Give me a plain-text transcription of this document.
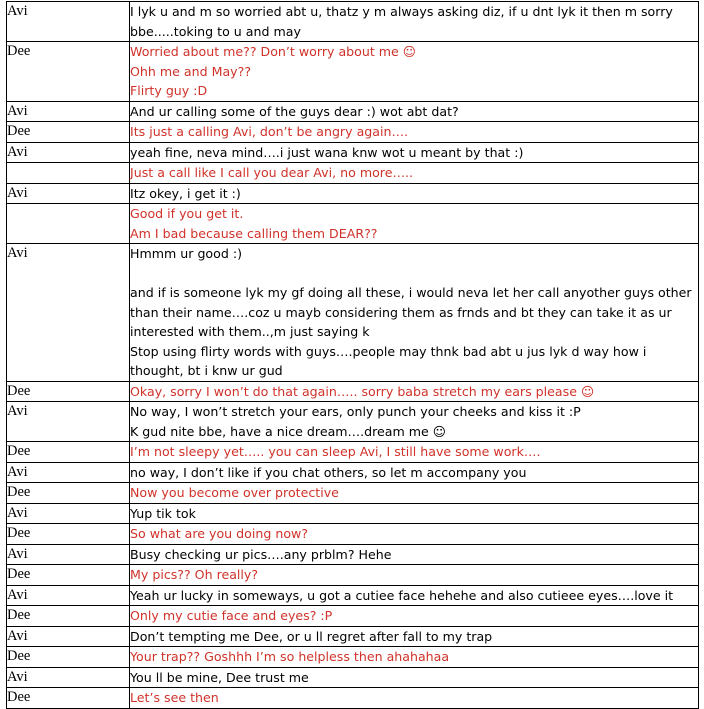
Avi	I lyk u and m so worried abt u, thatz y m always asking diz, if u dnt lyk it then m sorry bbe.....toking to u and may
Dee	Worried about me?? Don’t worry about me ☺
Ohh me and May??
Flirty guy :D
Avi	And ur calling some of the guys dear :) wot abt dat?
Dee	Its just a calling Avi, don’t be angry again….
Avi	yeah fine, neva mind….i just wana knw wot u meant by that :)
	Just a call like I call you dear Avi, no more…..
Avi	Itz okey, i get it :)
	Good if you get it.
Am I bad because calling them DEAR??
Avi	Hmmm ur good :)

and if is someone lyk my gf doing all these, i would neva let her call anyother guys other than their name….coz u mayb considering them as frnds and bt they can take it as ur interested with them..,m just saying k
Stop using flirty words with guys….people may thnk bad abt u jus lyk d way how i thought, bt i knw ur gud
Dee	Okay, sorry I won’t do that again….. sorry baba stretch my ears please ☺
Avi	No way, I won’t stretch your ears, only punch your cheeks and kiss it :P
K gud nite bbe, have a nice dream….dream me ☺
Dee	I’m not sleepy yet….. you can sleep Avi, I still have some work….
Avi	no way, I don’t like if you chat others, so let m accompany you
Dee	Now you become over protective
Avi	Yup tik tok
Dee	So what are you doing now?
Avi	Busy checking ur pics….any prblm? Hehe
Dee	My pics?? Oh really?
Avi	Yeah ur lucky in someways, u got a cutiee face hehehe and also cutieee eyes….love it
Dee	Only my cutie face and eyes? :P
Avi	Don’t tempting me Dee, or u ll regret after fall to my trap
Dee	Your trap?? Goshhh I’m so helpless then ahahahaa
Avi	You ll be mine, Dee trust me
Dee	Let’s see then
